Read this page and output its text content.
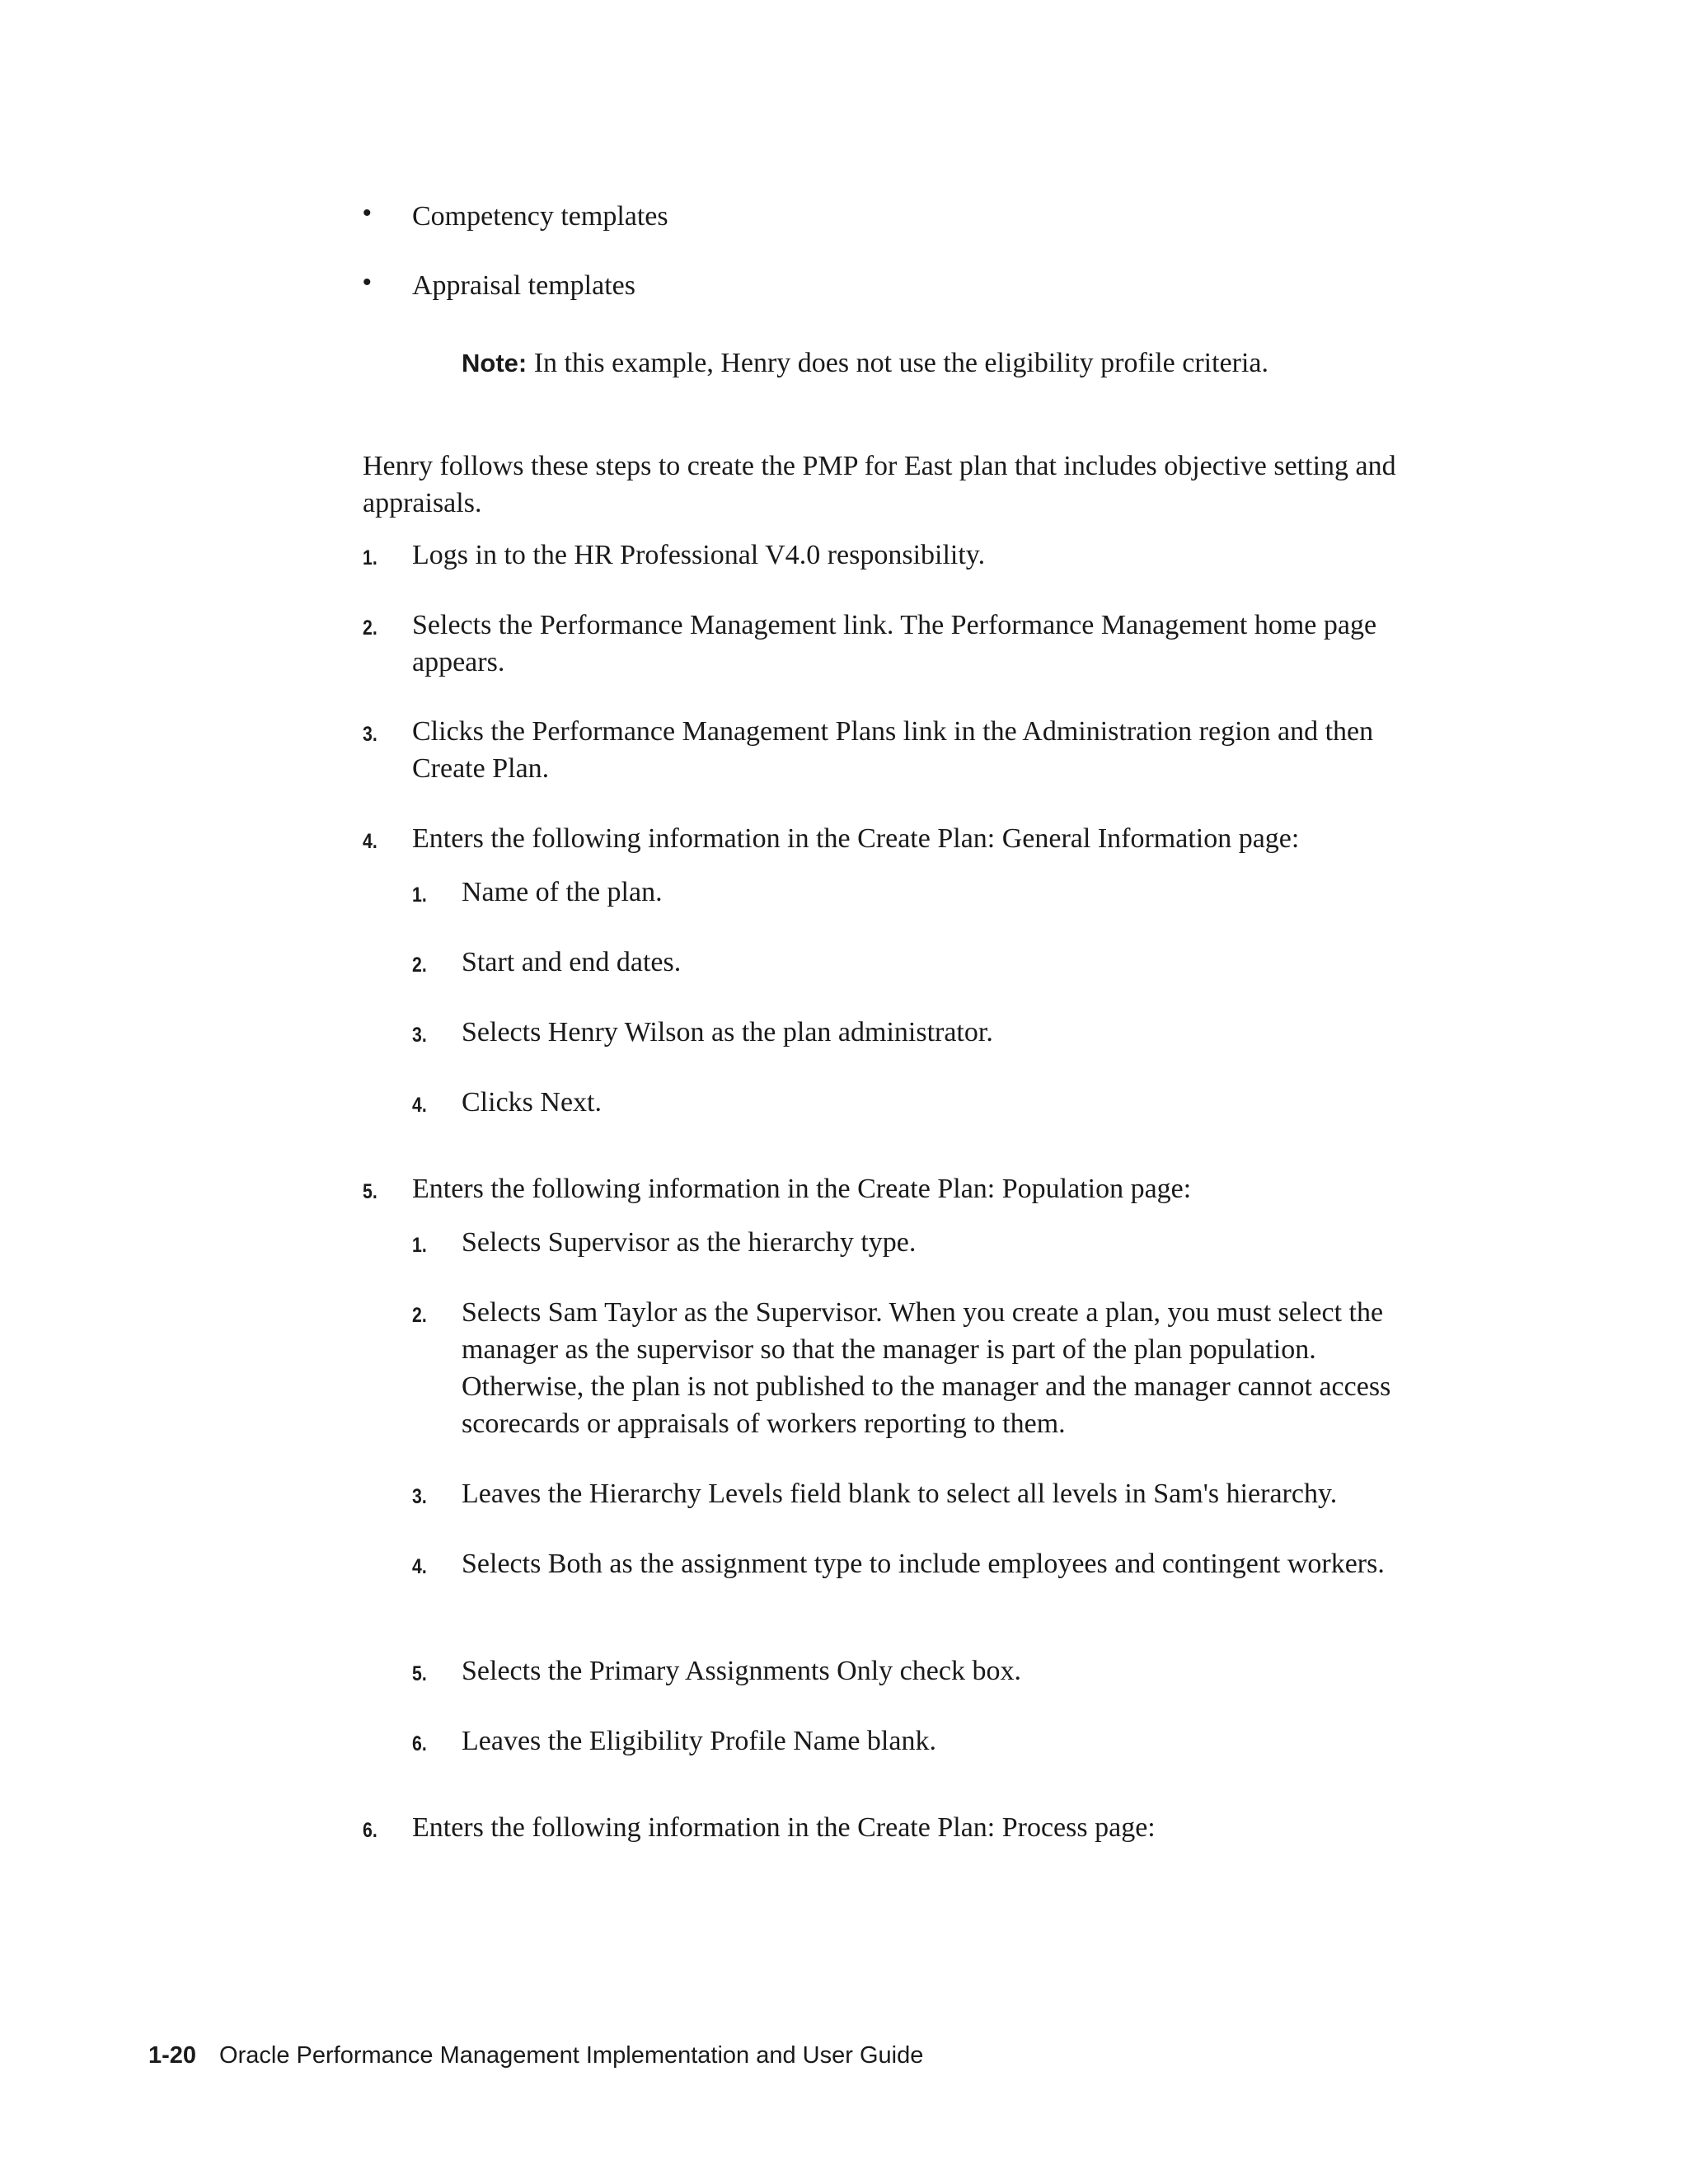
• Competency templates
• Appraisal templates
Note: In this example, Henry does not use the eligibility profile criteria.
Henry follows these steps to create the PMP for East plan that includes objective setting and appraisals.
1. Logs in to the HR Professional V4.0 responsibility.
2. Selects the Performance Management link. The Performance Management home page appears.
3. Clicks the Performance Management Plans link in the Administration region and then Create Plan.
4. Enters the following information in the Create Plan: General Information page:
1. Name of the plan.
2. Start and end dates.
3. Selects Henry Wilson as the plan administrator.
4. Clicks Next.
5. Enters the following information in the Create Plan: Population page:
1. Selects Supervisor as the hierarchy type.
2. Selects Sam Taylor as the Supervisor. When you create a plan, you must select the manager as the supervisor so that the manager is part of the plan population. Otherwise, the plan is not published to the manager and the manager cannot access scorecards or appraisals of workers reporting to them.
3. Leaves the Hierarchy Levels field blank to select all levels in Sam's hierarchy.
4. Selects Both as the assignment type to include employees and contingent workers.
5. Selects the Primary Assignments Only check box.
6. Leaves the Eligibility Profile Name blank.
6. Enters the following information in the Create Plan: Process page:
1-20 Oracle Performance Management Implementation and User Guide
